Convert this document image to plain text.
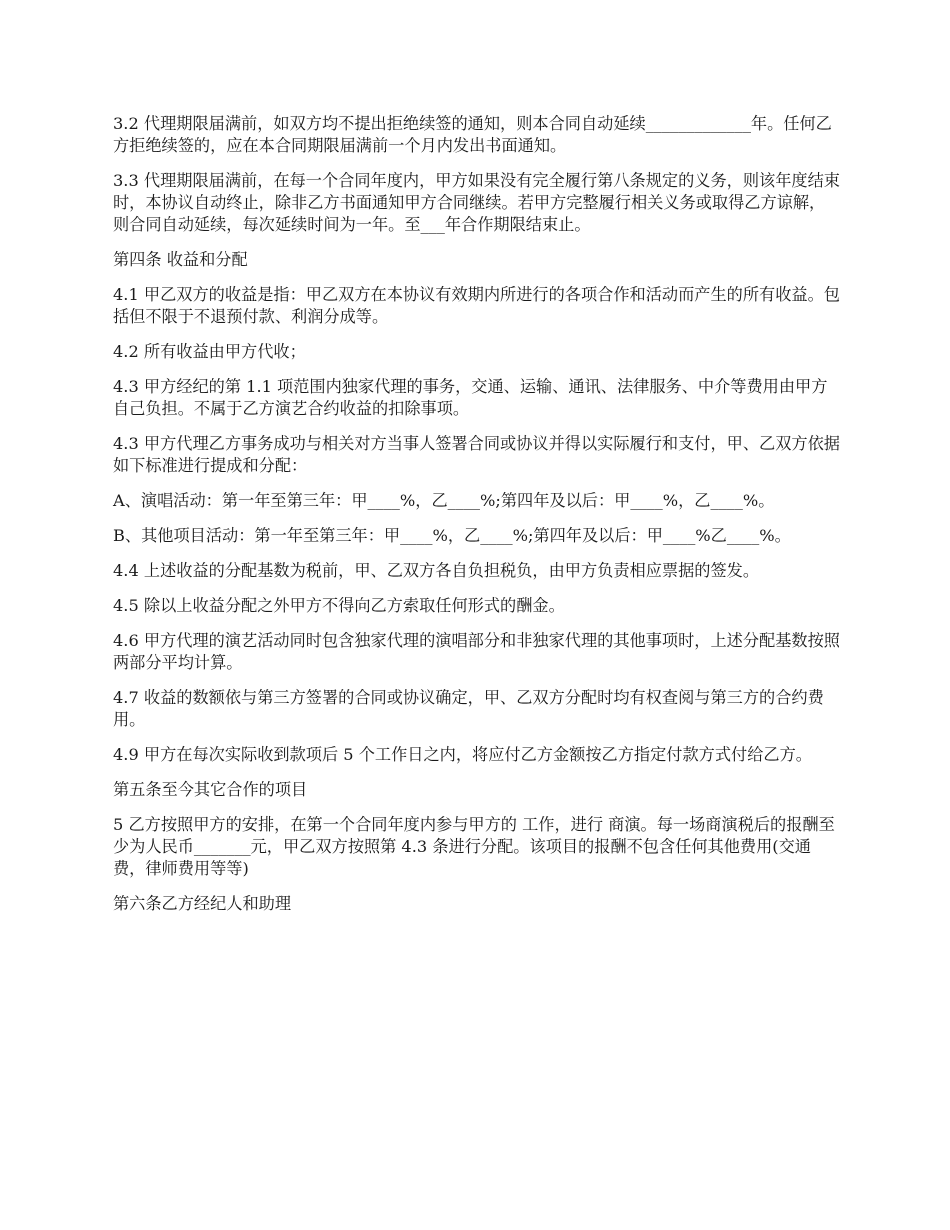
3.2 代理期限届满前，如双方均不提出拒绝续签的通知，则本合同自动延续_____________年。任何乙方拒绝续签的，应在本合同期限届满前一个月内发出书面通知。

3.3 代理期限届满前，在每一个合同年度内，甲方如果没有完全履行第八条规定的义务，则该年度结束时，本协议自动终止，除非乙方书面通知甲方合同继续。若甲方完整履行相关义务或取得乙方谅解，则合同自动延续，每次延续时间为一年。至___年合作期限结束止。

第四条 收益和分配

4.1 甲乙双方的收益是指：甲乙双方在本协议有效期内所进行的各项合作和活动而产生的所有收益。包括但不限于不退预付款、利润分成等。

4.2 所有收益由甲方代收；

4.3 甲方经纪的第 1.1 项范围内独家代理的事务，交通、运输、通讯、法律服务、中介等费用由甲方自己负担。不属于乙方演艺合约收益的扣除事项。

4.3 甲方代理乙方事务成功与相关对方当事人签署合同或协议并得以实际履行和支付，甲、乙双方依据如下标准进行提成和分配：

A、演唱活动：第一年至第三年：甲____%，乙____%;第四年及以后：甲____%，乙____%。

B、其他项目活动：第一年至第三年：甲____%，乙____%;第四年及以后：甲____%乙____%。

4.4 上述收益的分配基数为税前，甲、乙双方各自负担税负，由甲方负责相应票据的签发。

4.5 除以上收益分配之外甲方不得向乙方索取任何形式的酬金。

4.6 甲方代理的演艺活动同时包含独家代理的演唱部分和非独家代理的其他事项时，上述分配基数按照两部分平均计算。

4.7 收益的数额依与第三方签署的合同或协议确定，甲、乙双方分配时均有权查阅与第三方的合约费用。

4.9 甲方在每次实际收到款项后 5 个工作日之内，将应付乙方金额按乙方指定付款方式付给乙方。

第五条至今其它合作的项目

5 乙方按照甲方的安排，在第一个合同年度内参与甲方的 工作，进行 商演。每一场商演税后的报酬至少为人民币_______元，甲乙双方按照第 4.3 条进行分配。该项目的报酬不包含任何其他费用(交通费，律师费用等等)

第六条乙方经纪人和助理
